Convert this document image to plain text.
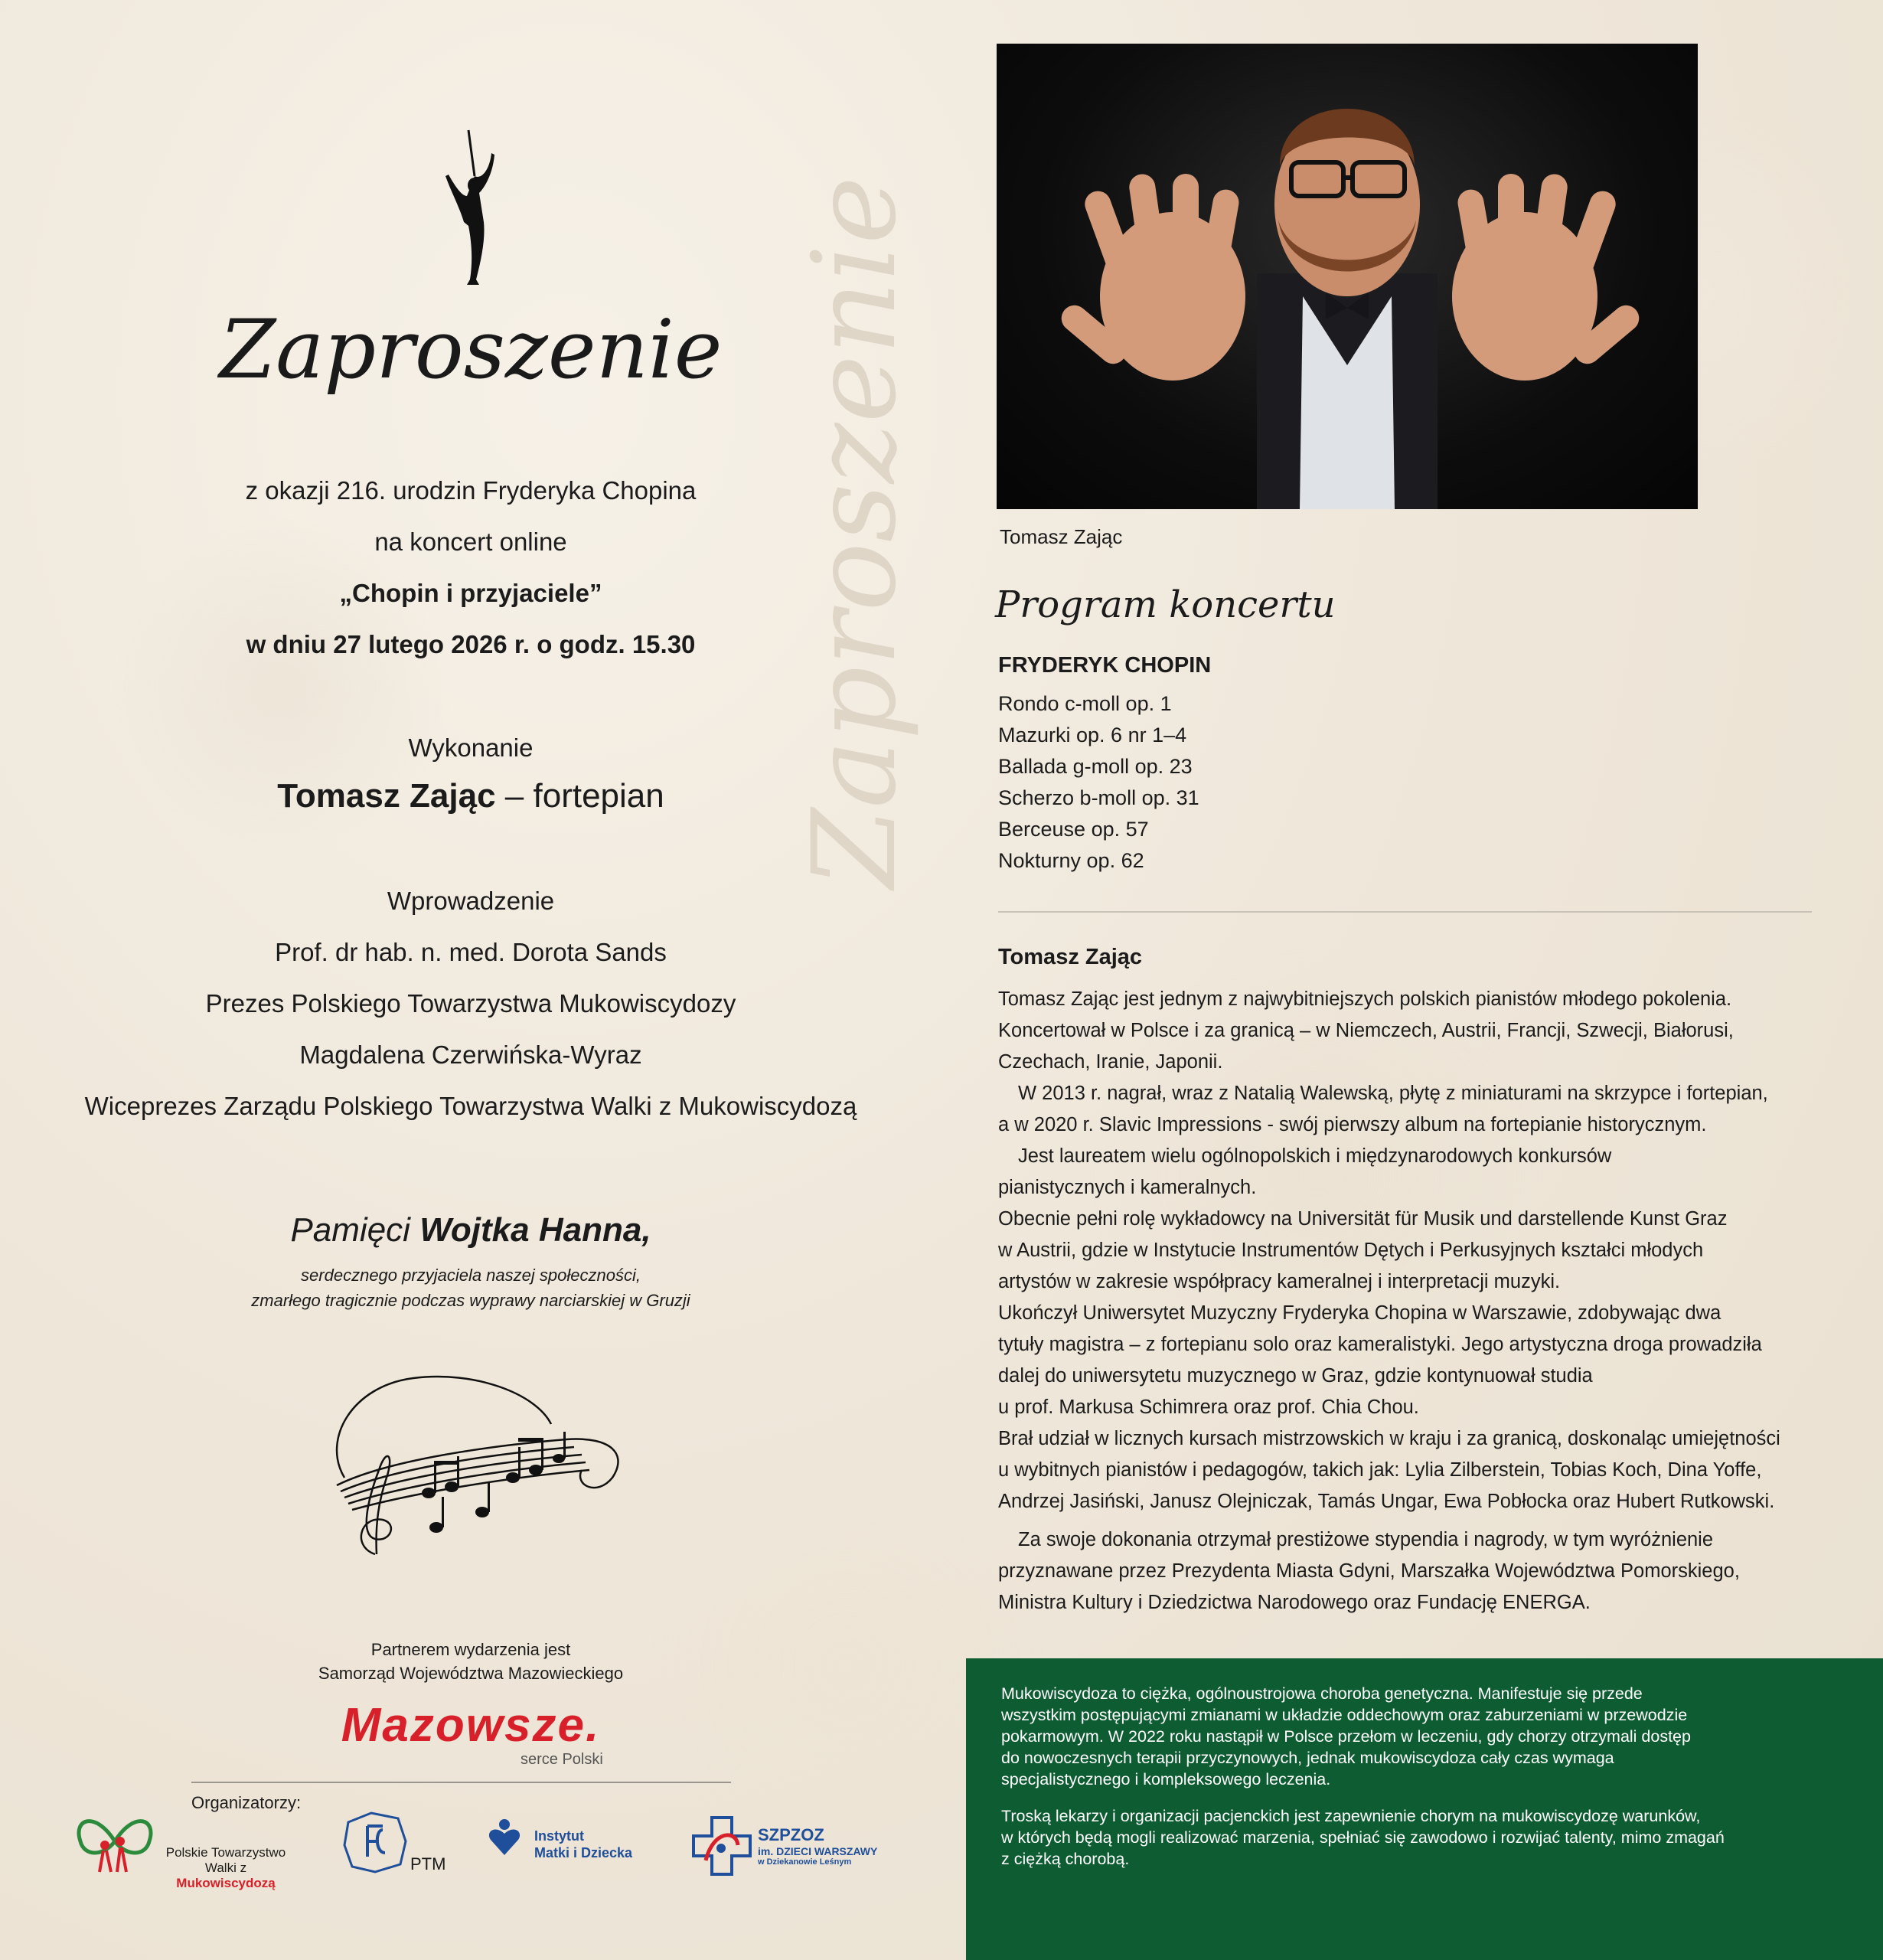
Zaproszenie
Zaproszenie
z okazji 216. urodzin Fryderyka Chopina
na koncert online
„Chopin i przyjaciele”
w dniu 27 lutego 2026 r. o godz. 15.30
Wykonanie
Tomasz Zając – fortepian
Wprowadzenie
Prof. dr hab. n. med. Dorota Sands
Prezes Polskiego Towarzystwa Mukowiscydozy
Magdalena Czerwińska-Wyraz
Wiceprezes Zarządu Polskiego Towarzystwa Walki z Mukowiscydozą
Pamięci Wojtka Hanna,
serdecznego przyjaciela naszej społeczności,
zmarłego tragicznie podczas wyprawy narciarskiej w Gruzji
Partnerem wydarzenia jest
Samorząd Województwa Mazowieckiego
Mazowsze.
serce Polski
Organizatorzy:
Polskie Towarzystwo
Walki z Mukowiscydozą
PTM
Instytut
Matki i Dziecka
SZPZOZ
im. DZIECI WARSZAWY
w Dziekanowie Leśnym
Tomasz Zając
Program koncertu
FRYDERYK CHOPIN
Rondo c-moll op. 1
Mazurki op. 6 nr 1–4
Ballada g-moll op. 23
Scherzo b-moll op. 31
Berceuse op. 57
Nokturny op. 62
Tomasz Zając

Tomasz Zając jest jednym z najwybitniejszych polskich pianistów młodego pokolenia.

Koncertował w Polsce i za granicą – w Niemczech, Austrii, Francji, Szwecji, Białorusi,

Czechach, Iranie, Japonii.

W 2013 r. nagrał, wraz z Natalią Walewską, płytę z miniaturami na skrzypce i fortepian,

a w 2020 r. Slavic Impressions - swój pierwszy album na fortepianie historycznym.

Jest laureatem wielu ogólnopolskich i międzynarodowych konkursów

pianistycznych i kameralnych.

Obecnie pełni rolę wykładowcy na Universität für Musik und darstellende Kunst Graz

w Austrii, gdzie w Instytucie Instrumentów Dętych i Perkusyjnych kształci młodych

artystów w zakresie współpracy kameralnej i interpretacji muzyki.

Ukończył Uniwersytet Muzyczny Fryderyka Chopina w Warszawie, zdobywając dwa

tytuły magistra – z fortepianu solo oraz kameralistyki. Jego artystyczna droga prowadziła

dalej do uniwersytetu muzycznego w Graz, gdzie kontynuował studia

u prof. Markusa Schimrera oraz prof. Chia Chou.

Brał udział w licznych kursach mistrzowskich w kraju i za granicą, doskonaląc umiejętności

u wybitnych pianistów i pedagogów, takich jak: Lylia Zilberstein, Tobias Koch, Dina Yoffe,

Andrzej Jasiński, Janusz Olejniczak, Tamás Ungar, Ewa Pobłocka oraz Hubert Rutkowski.

Za swoje dokonania otrzymał prestiżowe stypendia i nagrody, w tym wyróżnienie

przyznawane przez Prezydenta Miasta Gdyni, Marszałka Województwa Pomorskiego,

Ministra Kultury i Dziedzictwa Narodowego oraz Fundację ENERGA.

Mukowiscydoza to ciężka, ogólnoustrojowa choroba genetyczna. Manifestuje się przede
wszystkim postępującymi zmianami w układzie oddechowym oraz zaburzeniami w przewodzie
pokarmowym. W 2022 roku nastąpił w Polsce przełom w leczeniu, gdy chorzy otrzymali dostęp
do nowoczesnych terapii przyczynowych, jednak mukowiscydoza cały czas wymaga
specjalistycznego i kompleksowego leczenia.
Troską lekarzy i organizacji pacjenckich jest zapewnienie chorym na mukowiscydozę warunków,
w których będą mogli realizować marzenia, spełniać się zawodowo i rozwijać talenty, mimo zmagań
z ciężką chorobą.
